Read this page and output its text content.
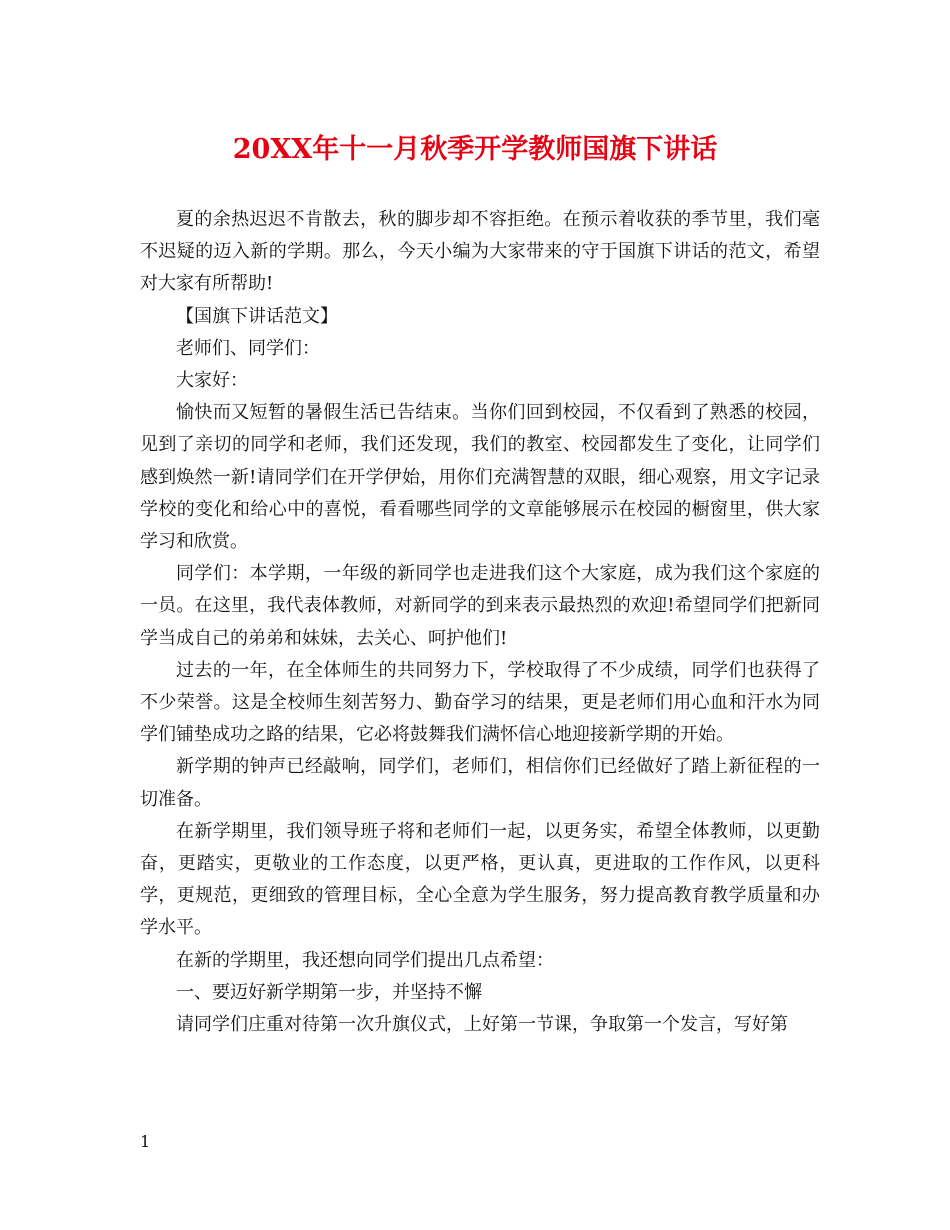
20XX年十一月秋季开学教师国旗下讲话

夏的余热迟迟不肯散去，秋的脚步却不容拒绝。在预示着收获的季节里，我们毫不迟疑的迈入新的学期。那么，今天小编为大家带来的守于国旗下讲话的范文，希望对大家有所帮助!

【国旗下讲话范文】

老师们、同学们：

大家好：

愉快而又短暂的暑假生活已告结束。当你们回到校园，不仅看到了熟悉的校园，见到了亲切的同学和老师，我们还发现，我们的教室、校园都发生了变化，让同学们感到焕然一新!请同学们在开学伊始，用你们充满智慧的双眼，细心观察，用文字记录学校的变化和给心中的喜悦，看看哪些同学的文章能够展示在校园的橱窗里，供大家学习和欣赏。

同学们：本学期，一年级的新同学也走进我们这个大家庭，成为我们这个家庭的一员。在这里，我代表体教师，对新同学的到来表示最热烈的欢迎!希望同学们把新同学当成自己的弟弟和妹妹，去关心、呵护他们!

过去的一年，在全体师生的共同努力下，学校取得了不少成绩，同学们也获得了不少荣誉。这是全校师生刻苦努力、勤奋学习的结果，更是老师们用心血和汗水为同学们铺垫成功之路的结果，它必将鼓舞我们满怀信心地迎接新学期的开始。

新学期的钟声已经敲响，同学们，老师们，相信你们已经做好了踏上新征程的一切准备。

在新学期里，我们领导班子将和老师们一起，以更务实，希望全体教师，以更勤奋，更踏实，更敬业的工作态度，以更严格，更认真，更进取的工作作风，以更科学，更规范，更细致的管理目标，全心全意为学生服务，努力提高教育教学质量和办学水平。

在新的学期里，我还想向同学们提出几点希望：

一、要迈好新学期第一步，并坚持不懈

请同学们庄重对待第一次升旗仪式，上好第一节课，争取第一个发言，写好第

1
